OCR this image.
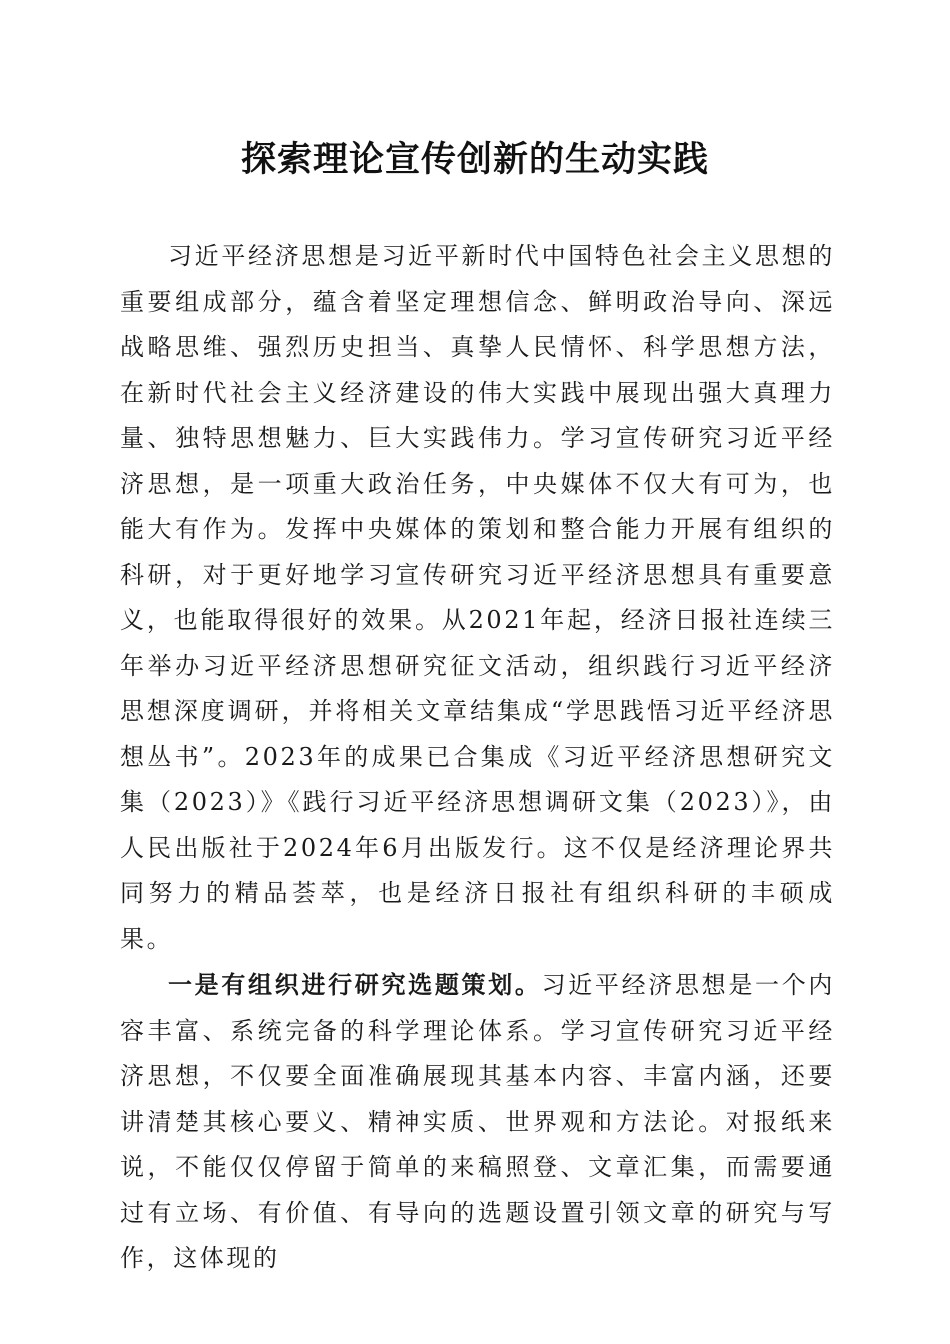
探索理论宣传创新的生动实践

习近平经济思想是习近平新时代中国特色社会主义思想的重要组成部分，蕴含着坚定理想信念、鲜明政治导向、深远战略思维、强烈历史担当、真挚人民情怀、科学思想方法，在新时代社会主义经济建设的伟大实践中展现出强大真理力量、独特思想魅力、巨大实践伟力。学习宣传研究习近平经济思想，是一项重大政治任务，中央媒体不仅大有可为，也能大有作为。发挥中央媒体的策划和整合能力开展有组织的科研，对于更好地学习宣传研究习近平经济思想具有重要意义，也能取得很好的效果。从2021年起，经济日报社连续三年举办习近平经济思想研究征文活动，组织践行习近平经济思想深度调研，并将相关文章结集成“学思践悟习近平经济思想丛书”。2023年的成果已合集成《习近平经济思想研究文集（2023）》《践行习近平经济思想调研文集（2023）》，由人民出版社于2024年6月出版发行。这不仅是经济理论界共同努力的精品荟萃，也是经济日报社有组织科研的丰硕成果。

一是有组织进行研究选题策划。习近平经济思想是一个内容丰富、系统完备的科学理论体系。学习宣传研究习近平经济思想，不仅要全面准确展现其基本内容、丰富内涵，还要讲清楚其核心要义、精神实质、世界观和方法论。对报纸来说，不能仅仅停留于简单的来稿照登、文章汇集，而需要通过有立场、有价值、有导向的选题设置引领文章的研究与写作，这体现的
